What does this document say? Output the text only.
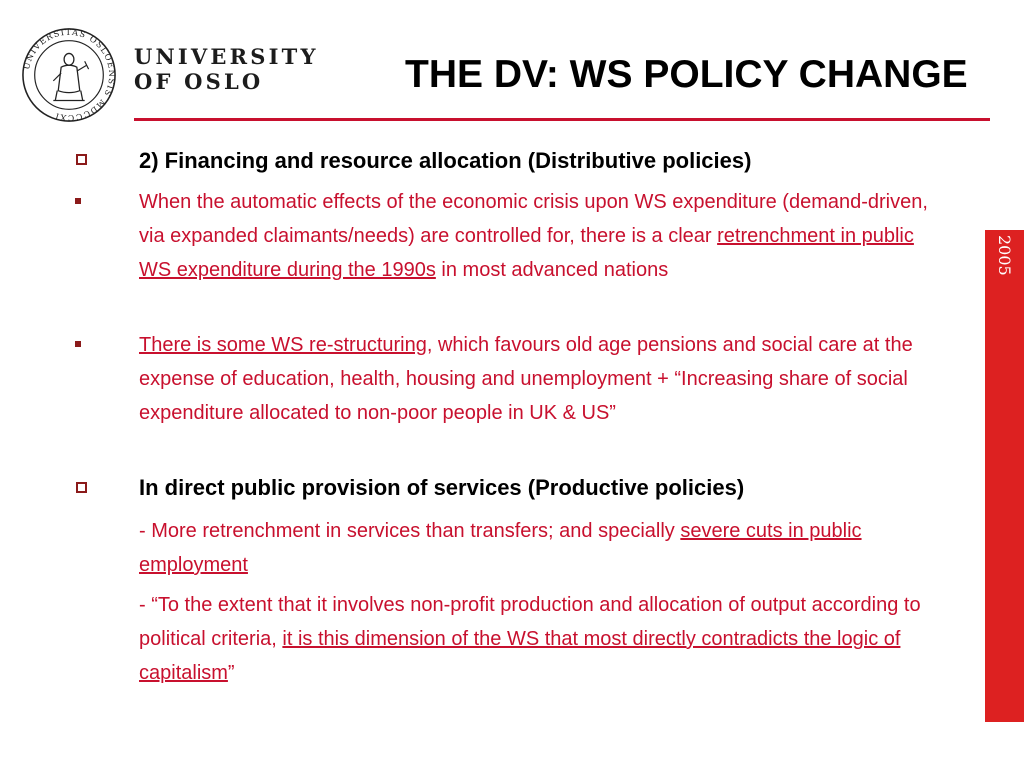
UNIVERSITAS OSLOENSIS MDCCCXI
UNIVERSITY
OF OSLO	THE DV: WS POLICY CHANGE
2005
2) Financing and resource allocation (Distributive policies)
When the automatic effects of the economic crisis upon WS expenditure (demand-driven, via expanded claimants/needs) are controlled for, there is a clear retrenchment in public WS expenditure during the 1990s in most advanced nations
There is some WS re-structuring, which favours old age pensions and social care at the expense of education, health, housing and unemployment + “Increasing share of social expenditure allocated to non-poor people in UK & US”
In direct public provision of services (Productive policies)
- More retrenchment in services than transfers; and specially severe cuts in public employment
- “To the extent that it involves non-profit production and allocation of output according to political criteria, it is this dimension of the WS that most directly contradicts the logic of capitalism”
